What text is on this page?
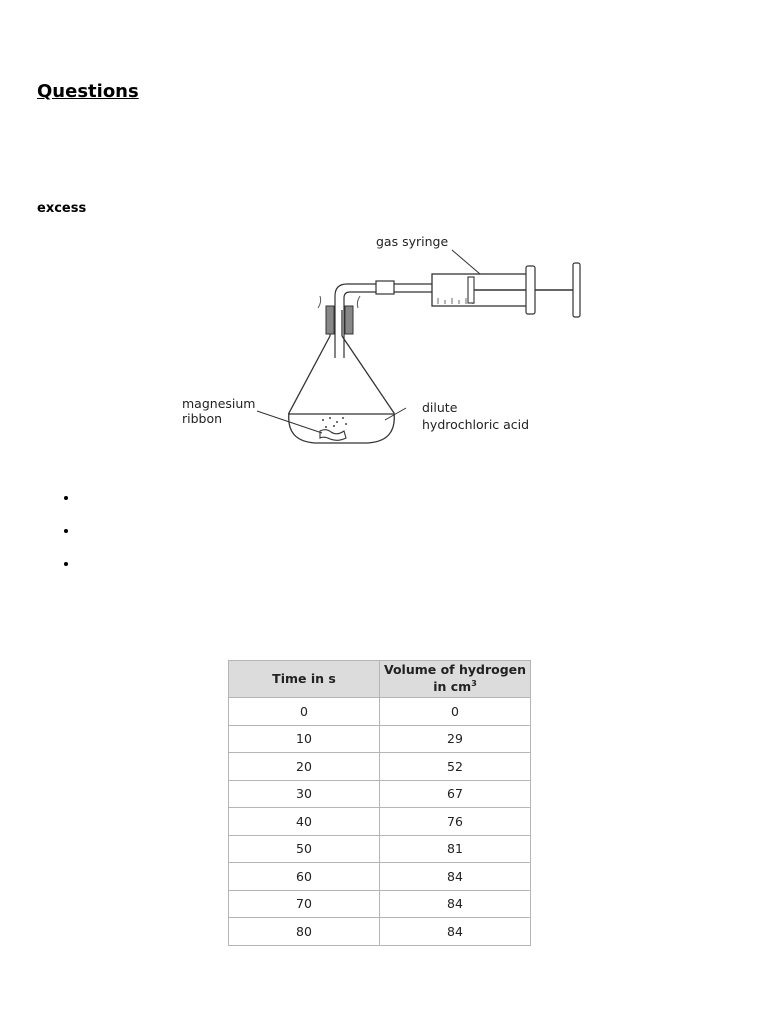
Questions

excess

gas syringe
magnesium
ribbon
dilute
hydrochloric acid
Time in s	Volume of hydrogen
in $cm^3$
0	0
10	29
20	52
30	67
40	76
50	81
60	84
70	84
80	84
